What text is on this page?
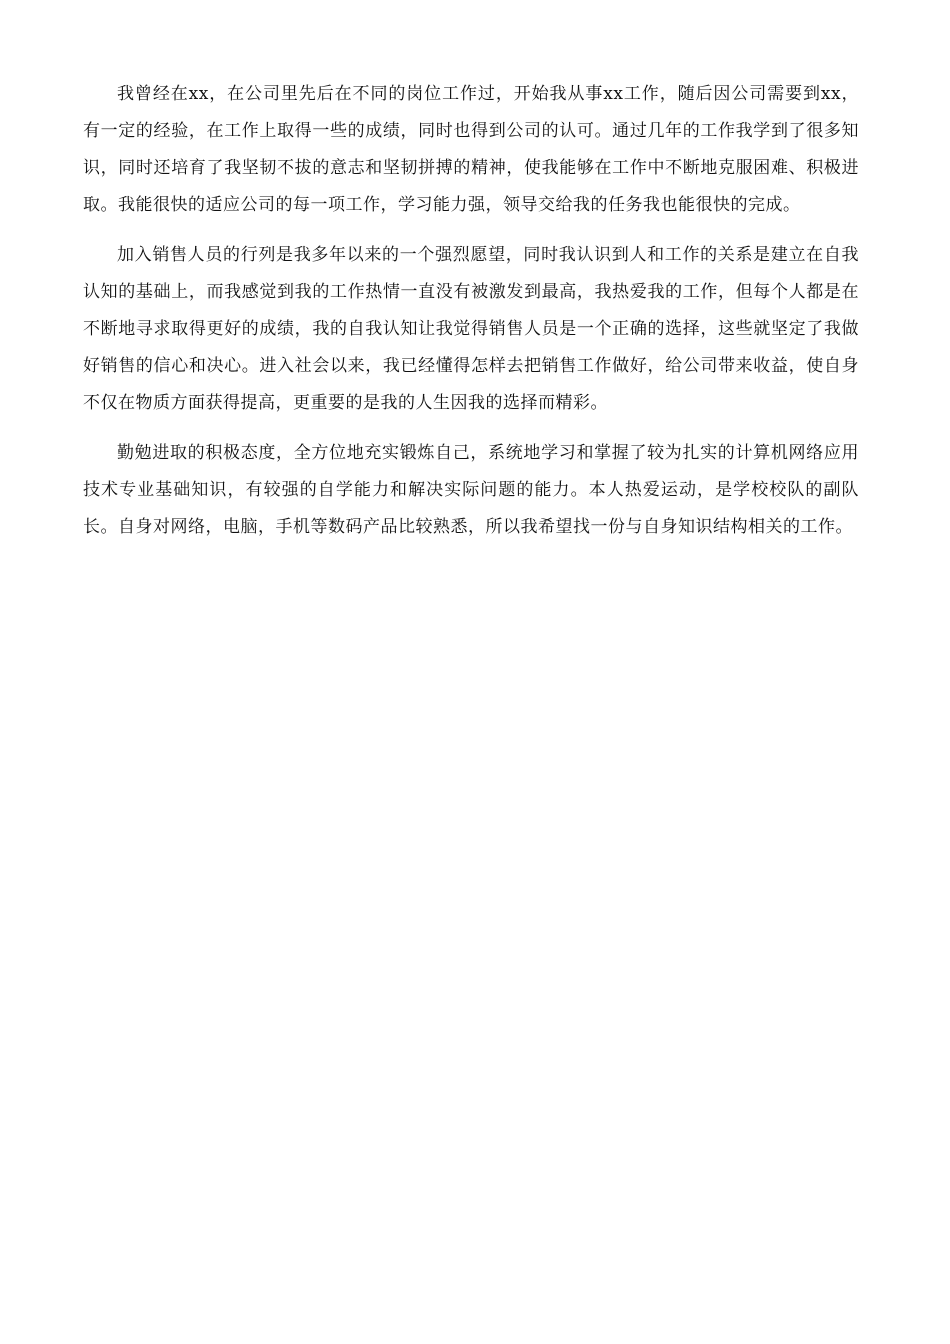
我曾经在xx，在公司里先后在不同的岗位工作过，开始我从事xx工作，随后因公司需要到xx，有一定的经验，在工作上取得一些的成绩，同时也得到公司的认可。通过几年的工作我学到了很多知识，同时还培育了我坚韧不拔的意志和坚韧拼搏的精神，使我能够在工作中不断地克服困难、积极进取。我能很快的适应公司的每一项工作，学习能力强，领导交给我的任务我也能很快的完成。

加入销售人员的行列是我多年以来的一个强烈愿望，同时我认识到人和工作的关系是建立在自我认知的基础上，而我感觉到我的工作热情一直没有被激发到最高，我热爱我的工作，但每个人都是在不断地寻求取得更好的成绩，我的自我认知让我觉得销售人员是一个正确的选择，这些就坚定了我做好销售的信心和决心。进入社会以来，我已经懂得怎样去把销售工作做好，给公司带来收益，使自身不仅在物质方面获得提高，更重要的是我的人生因我的选择而精彩。

勤勉进取的积极态度，全方位地充实锻炼自己，系统地学习和掌握了较为扎实的计算机网络应用技术专业基础知识，有较强的自学能力和解决实际问题的能力。本人热爱运动，是学校校队的副队长。自身对网络，电脑，手机等数码产品比较熟悉，所以我希望找一份与自身知识结构相关的工作。
